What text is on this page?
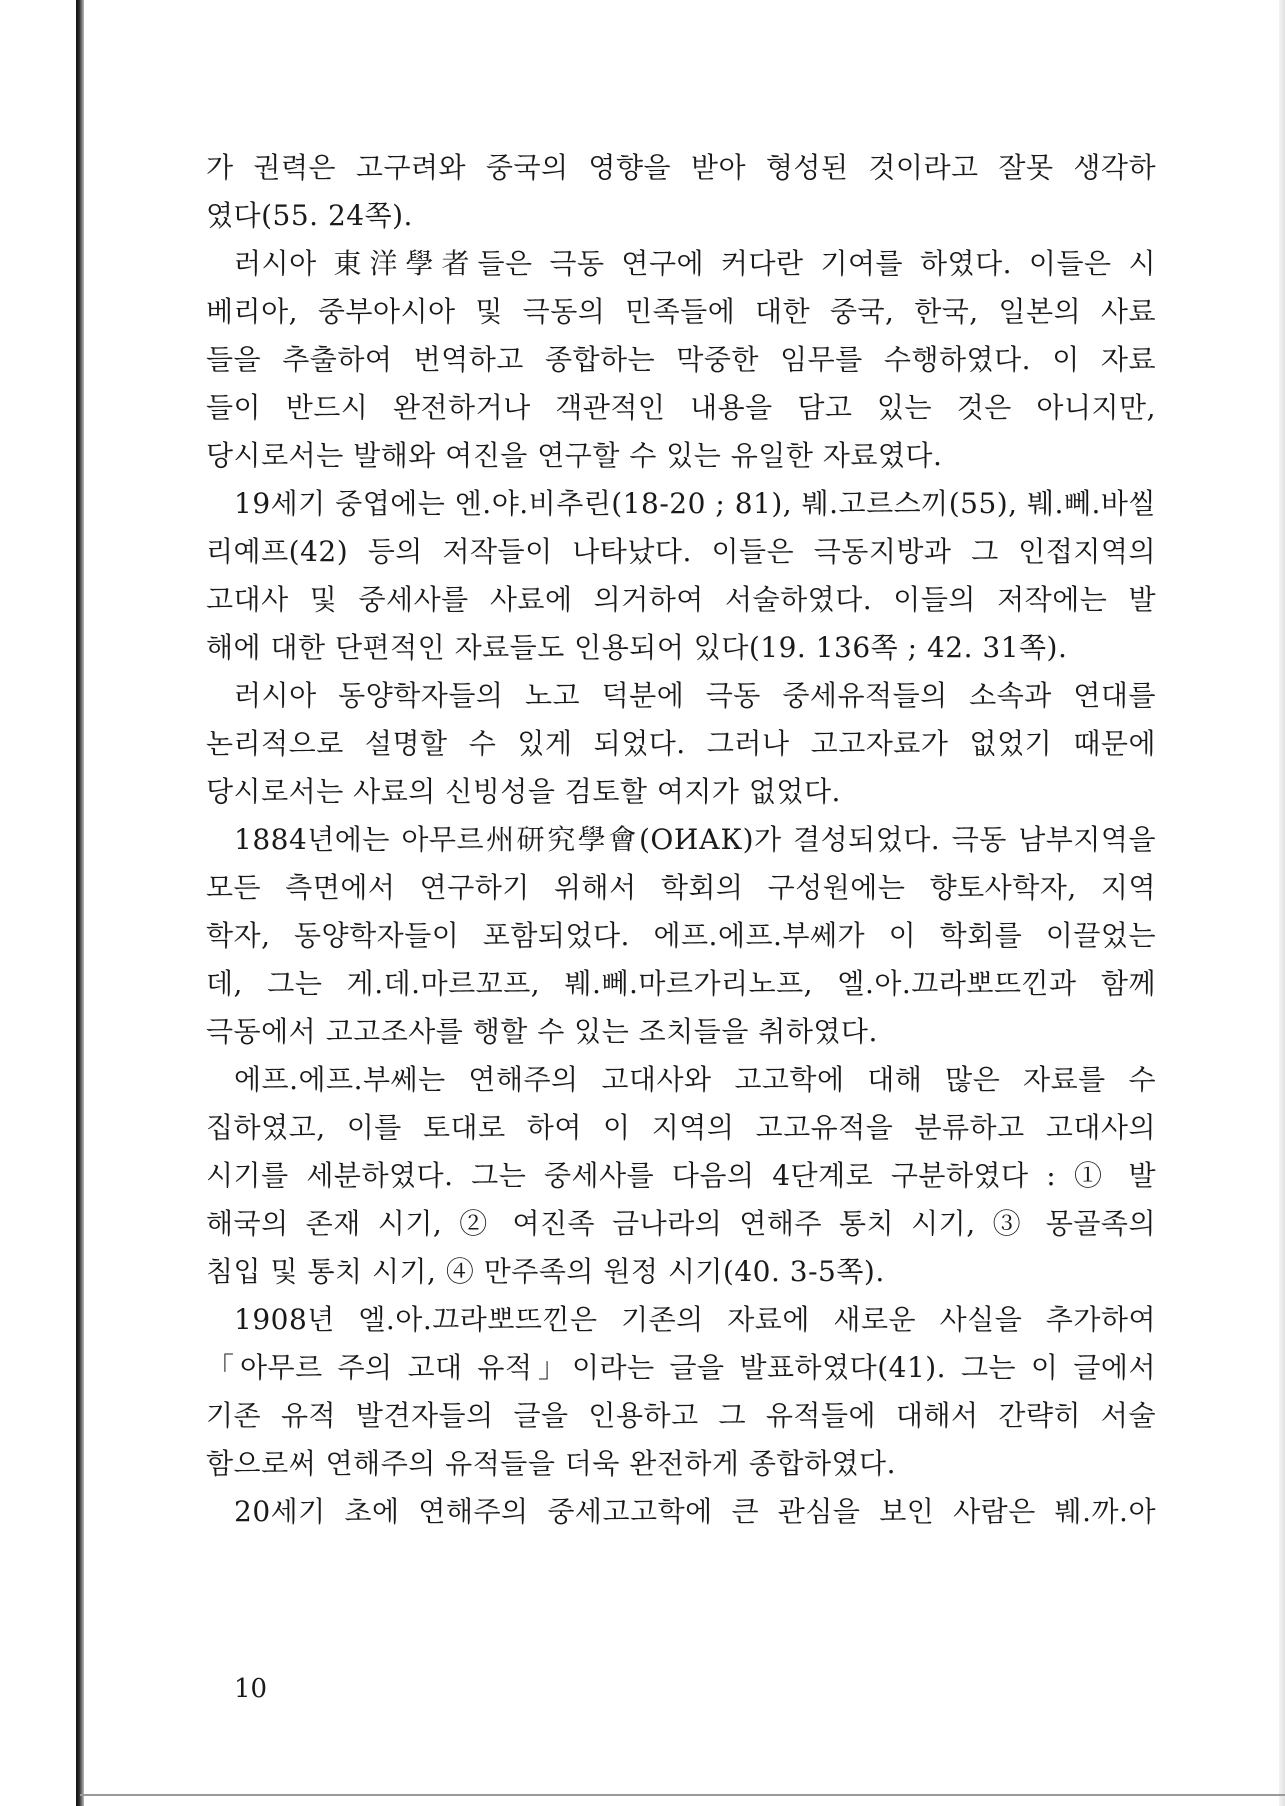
가 권력은 고구려와 중국의 영향을 받아 형성된 것이라고 잘못 생각하
였다(55. 24쪽).
러시아 東洋學者들은 극동 연구에 커다란 기여를 하였다. 이들은 시
베리아, 중부아시아 및 극동의 민족들에 대한 중국, 한국, 일본의 사료
들을 추출하여 번역하고 종합하는 막중한 임무를 수행하였다. 이 자료
들이 반드시 완전하거나 객관적인 내용을 담고 있는 것은 아니지만,
당시로서는 발해와 여진을 연구할 수 있는 유일한 자료였다.
19세기 중엽에는 엔.야.비추린(18-20 ; 81), 붸.고르스끼(55), 붸.뻬.바씰
리예프(42) 등의 저작들이 나타났다. 이들은 극동지방과 그 인접지역의
고대사 및 중세사를 사료에 의거하여 서술하였다. 이들의 저작에는 발
해에 대한 단편적인 자료들도 인용되어 있다(19. 136쪽 ; 42. 31쪽).
러시아 동양학자들의 노고 덕분에 극동 중세유적들의 소속과 연대를
논리적으로 설명할 수 있게 되었다. 그러나 고고자료가 없었기 때문에
당시로서는 사료의 신빙성을 검토할 여지가 없었다.
1884년에는 아무르州研究學會(ОИАК)가 결성되었다. 극동 남부지역을
모든 측면에서 연구하기 위해서 학회의 구성원에는 향토사학자, 지역
학자, 동양학자들이 포함되었다. 에프.에프.부쎄가 이 학회를 이끌었는
데, 그는 게.데.마르꼬프, 붸.뻬.마르가리노프, 엘.아.끄라뽀뜨낀과 함께
극동에서 고고조사를 행할 수 있는 조치들을 취하였다.
에프.에프.부쎄는 연해주의 고대사와 고고학에 대해 많은 자료를 수
집하였고, 이를 토대로 하여 이 지역의 고고유적을 분류하고 고대사의
시기를 세분하였다. 그는 중세사를 다음의 4단계로 구분하였다 : ① 발
해국의 존재 시기, ② 여진족 금나라의 연해주 통치 시기, ③ 몽골족의
침입 및 통치 시기, ④ 만주족의 원정 시기(40. 3-5쪽).
1908년 엘.아.끄라뽀뜨낀은 기존의 자료에 새로운 사실을 추가하여
「아무르 주의 고대 유적」이라는 글을 발표하였다(41). 그는 이 글에서
기존 유적 발견자들의 글을 인용하고 그 유적들에 대해서 간략히 서술
함으로써 연해주의 유적들을 더욱 완전하게 종합하였다.
20세기 초에 연해주의 중세고고학에 큰 관심을 보인 사람은 붸.까.아
10
